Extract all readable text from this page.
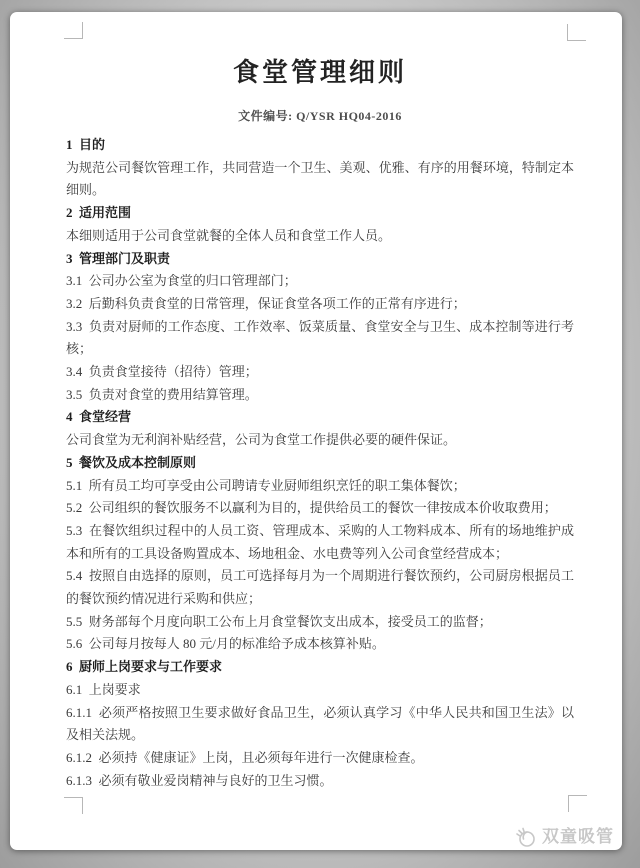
食堂管理细则
文件编号: Q/YSR HQ04-2016
1  目的
为规范公司餐饮管理工作，共同营造一个卫生、美观、优雅、有序的用餐环境，特制定本细则。
2  适用范围
本细则适用于公司食堂就餐的全体人员和食堂工作人员。
3  管理部门及职责
3.1  公司办公室为食堂的归口管理部门；
3.2  后勤科负责食堂的日常管理，保证食堂各项工作的正常有序进行；
3.3  负责对厨师的工作态度、工作效率、饭菜质量、食堂安全与卫生、成本控制等进行考核；
3.4  负责食堂接待（招待）管理；
3.5  负责对食堂的费用结算管理。
4  食堂经营
公司食堂为无利润补贴经营，公司为食堂工作提供必要的硬件保证。
5  餐饮及成本控制原则
5.1  所有员工均可享受由公司聘请专业厨师组织烹饪的职工集体餐饮；
5.2  公司组织的餐饮服务不以赢利为目的，提供给员工的餐饮一律按成本价收取费用；
5.3  在餐饮组织过程中的人员工资、管理成本、采购的人工物料成本、所有的场地维护成本和所有的工具设备购置成本、场地租金、水电费等列入公司食堂经营成本；
5.4  按照自由选择的原则，员工可选择每月为一个周期进行餐饮预约，公司厨房根据员工的餐饮预约情况进行采购和供应；
5.5  财务部每个月度向职工公布上月食堂餐饮支出成本，接受员工的监督；
5.6  公司每月按每人 80 元/月的标准给予成本核算补贴。
6  厨师上岗要求与工作要求
6.1  上岗要求
6.1.1  必须严格按照卫生要求做好食品卫生，必须认真学习《中华人民共和国卫生法》以及相关法规。
6.1.2  必须持《健康证》上岗，且必须每年进行一次健康检查。
6.1.3  必须有敬业爱岗精神与良好的卫生习惯。
双童吸管
